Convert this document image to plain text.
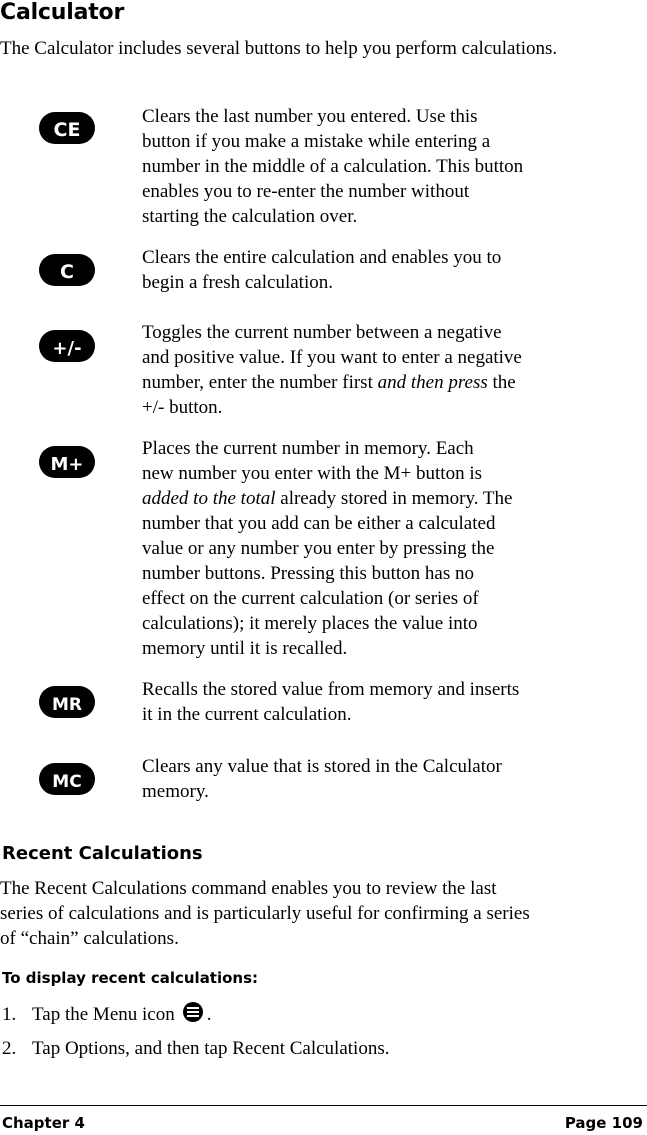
Calculator
The Calculator includes several buttons to help you perform calculations.
CE
Clears the last number you entered. Use this
button if you make a mistake while entering a
number in the middle of a calculation. This button
enables you to re-enter the number without
starting the calculation over.
C
Clears the entire calculation and enables you to
begin a fresh calculation.
+/-
Toggles the current number between a negative
and positive value. If you want to enter a negative
number, enter the number first and then press the
+/- button.
M+
Places the current number in memory. Each
new number you enter with the M+ button is
added to the total already stored in memory. The
number that you add can be either a calculated
value or any number you enter by pressing the
number buttons. Pressing this button has no
effect on the current calculation (or series of
calculations); it merely places the value into
memory until it is recalled.
MR
Recalls the stored value from memory and inserts
it in the current calculation.
MC
Clears any value that is stored in the Calculator
memory.
Recent Calculations
The Recent Calculations command enables you to review the last
series of calculations and is particularly useful for confirming a series
of “chain” calculations.
To display recent calculations:
1. Tap the Menu icon .
2. Tap Options, and then tap Recent Calculations.
Chapter 4	Page 109
